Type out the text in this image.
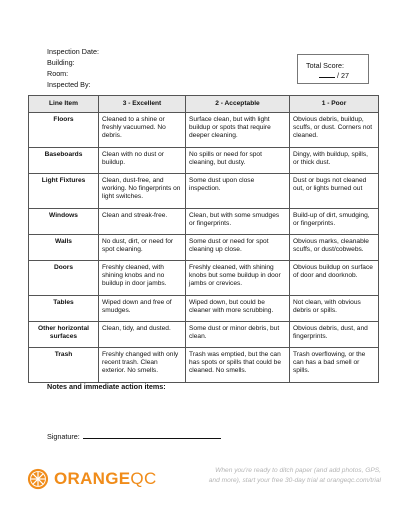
Inspection Date:
Building:
Room:
Inspected By:
Total Score:
/ 27
Line Item	3 - Excellent	2 - Acceptable	1 - Poor
Floors	Cleaned to a shine or freshly vacuumed. No debris.	Surface clean, but with light buildup or spots that require deeper cleaning.	Obvious debris, buildup, scuffs, or dust. Corners not cleaned.
Baseboards	Clean with no dust or buildup.	No spills or need for spot cleaning, but dusty.	Dingy, with buildup, spills, or thick dust.
Light Fixtures	Clean, dust-free, and working. No fingerprints on light switches.	Some dust upon close inspection.	Dust or bugs not cleaned out, or lights burned out
Windows	Clean and streak-free.	Clean, but with some smudges or fingerprints.	Build-up of dirt, smudging, or fingerprints.
Walls	No dust, dirt, or need for spot cleaning.	Some dust or need for spot cleaning up close.	Obvious marks, cleanable scuffs, or dust/cobwebs.
Doors	Freshly cleaned, with shining knobs and no buildup in door jambs.	Freshly cleaned, with shining knobs but some buildup in door jambs or crevices.	Obvious buildup on surface of door and doorknob.
Tables	Wiped down and free of smudges.	Wiped down, but could be cleaner with more scrubbing.	Not clean, with obvious debris or spills.
Other horizontal surfaces	Clean, tidy, and dusted.	Some dust or minor debris, but clean.	Obvious debris, dust, and fingerprints.
Trash	Freshly changed with only recent trash. Clean exterior. No smells.	Trash was emptied, but the can has spots or spills that could be cleaned. No smells.	Trash overflowing, or the can has a bad smell or spills.
Notes and immediate action items:
Signature:
ORANGEQC	When you're ready to ditch paper (and add photos, GPS,
and more), start your free 30-day trial at orangeqc.com/trial
